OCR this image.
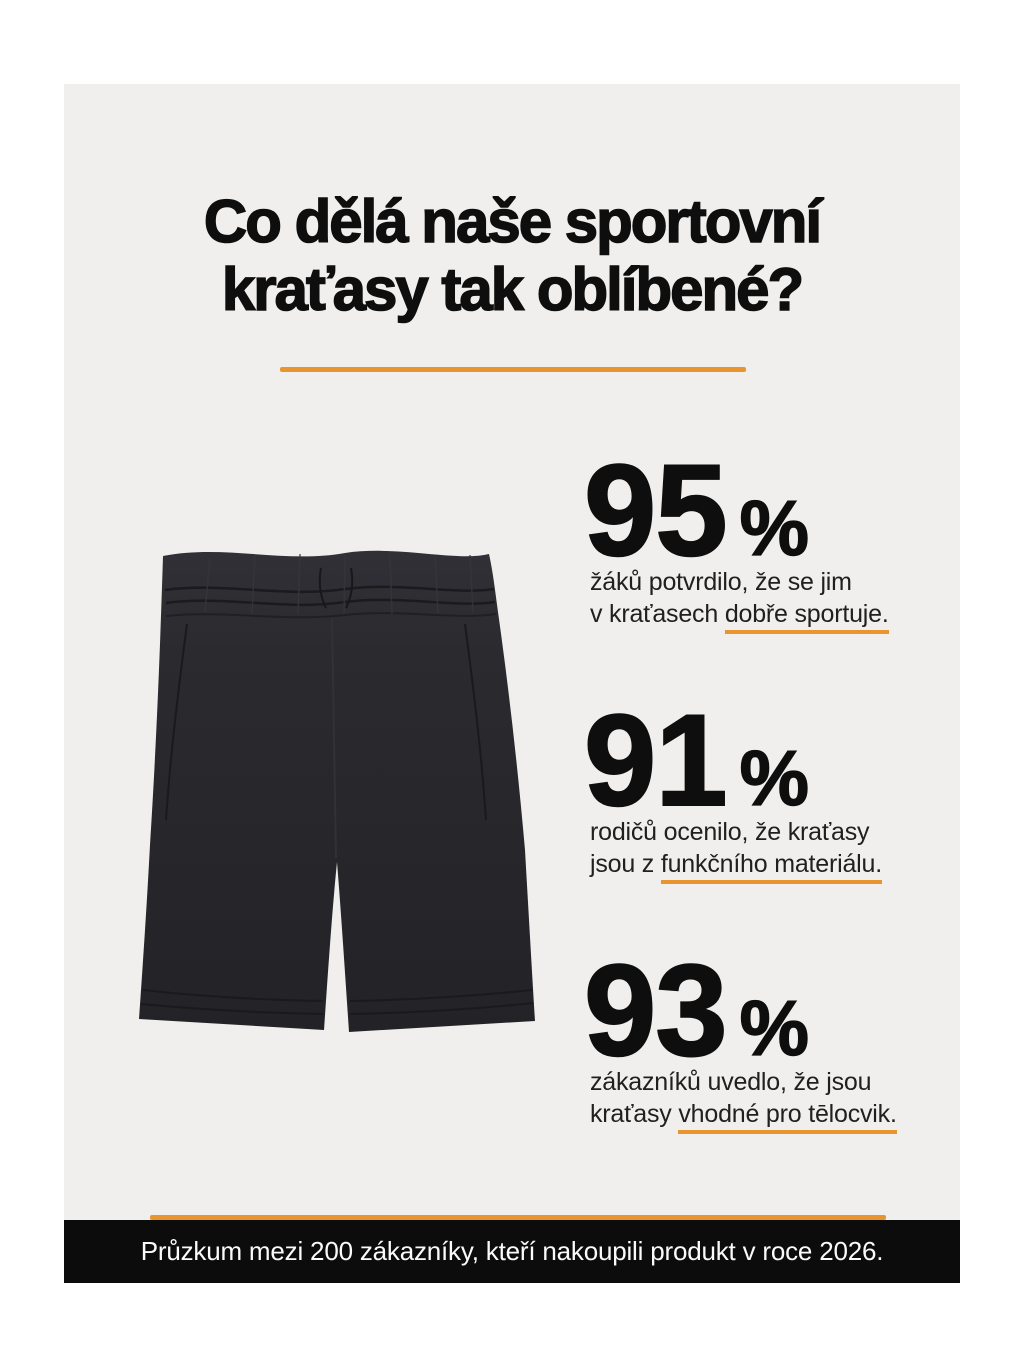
Co dělá naše sportovní
kraťasy tak oblíbené?
95 %

žáků potvrdilo, že se jim
v kraťasech dobře sportuje.

91 %

rodičů ocenilo, že kraťasy
jsou z funkčního materiálu.

93 %

zákazníků uvedlo, že jsou
kraťasy vhodné pro tēlocvik.

Průzkum mezi 200 zákazníky, kteří nakoupili produkt v roce 2026.
